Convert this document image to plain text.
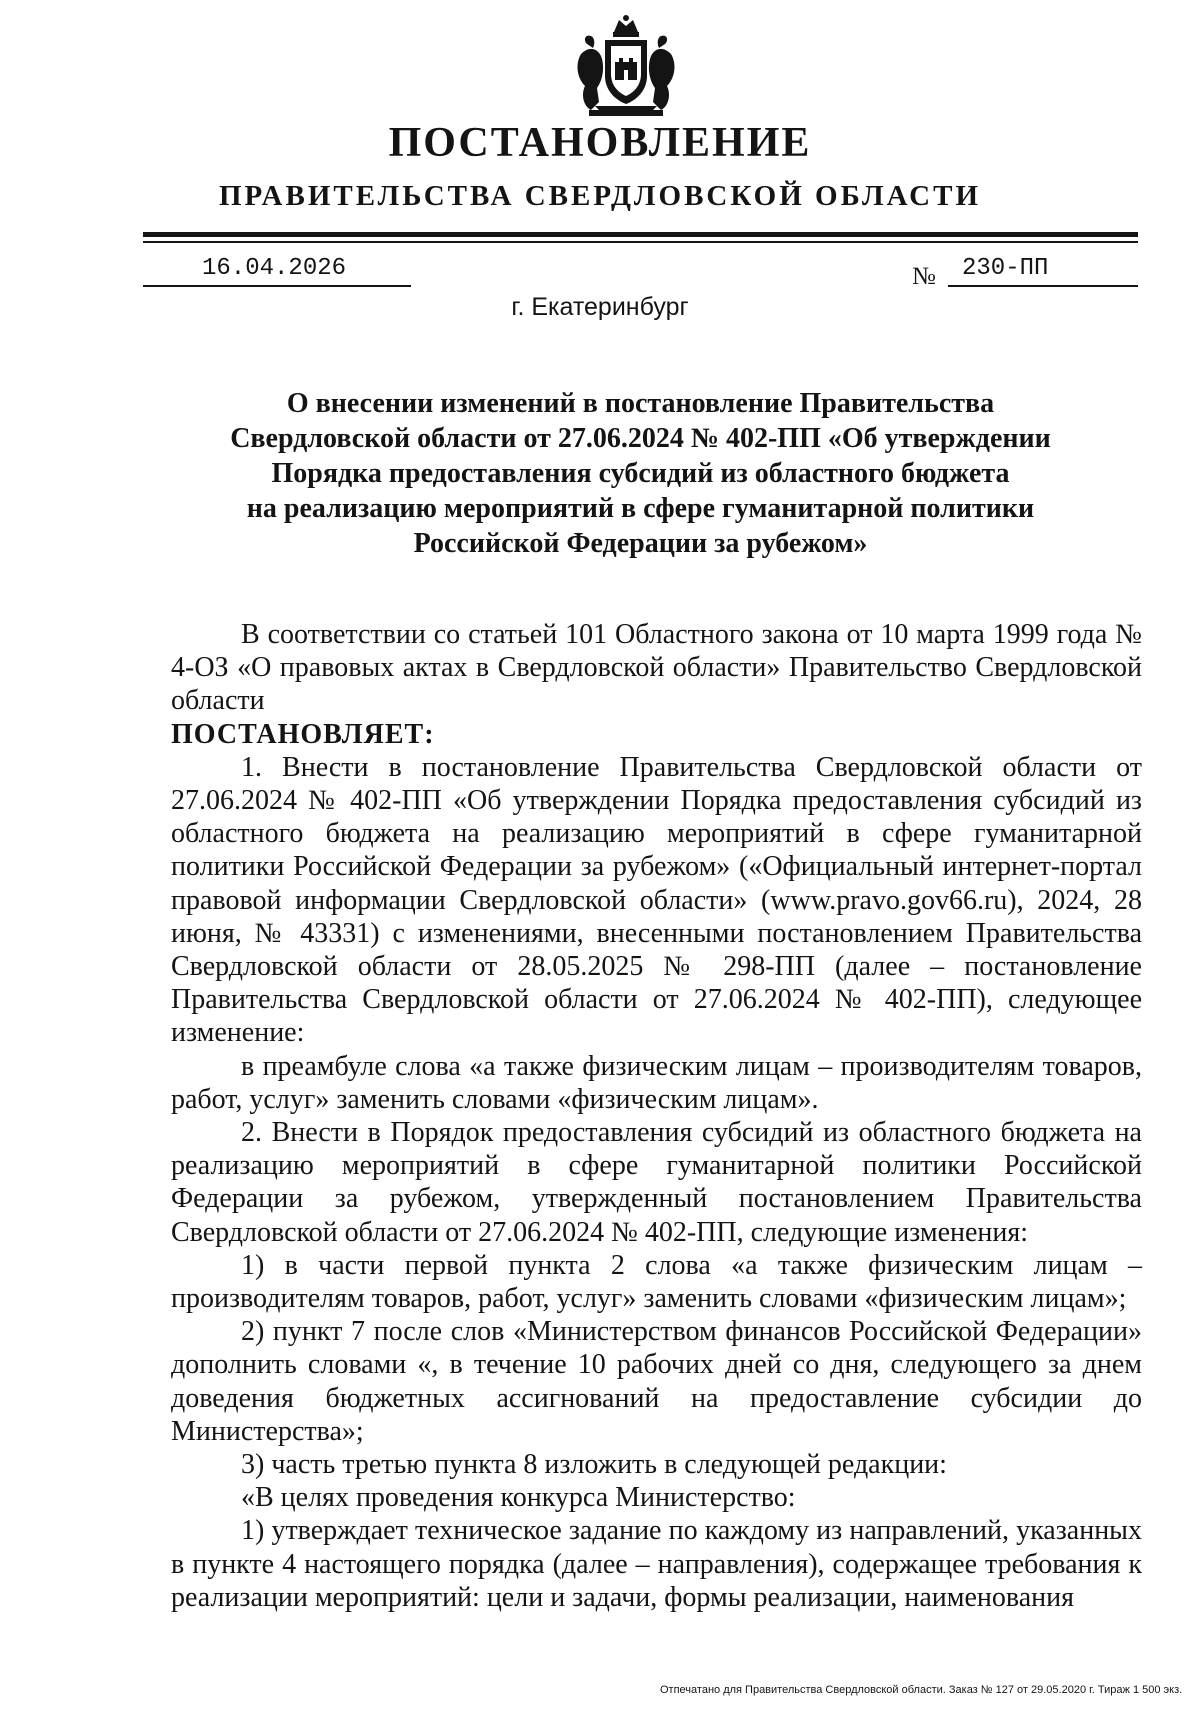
ПОСТАНОВЛЕНИЕ
ПРАВИТЕЛЬСТВА СВЕРДЛОВСКОЙ ОБЛАСТИ
16.04.2026	№ 230-ПП
г. Екатеринбург
О внесении изменений в постановление Правительства
Свердловской области от 27.06.2024 № 402-ПП «Об утверждении
Порядка предоставления субсидий из областного бюджета
на реализацию мероприятий в сфере гуманитарной политики
Российской Федерации за рубежом»

В соответствии со статьей 101 Областного закона от 10 марта 1999 года № 4-ОЗ «О правовых актах в Свердловской области» Правительство Свердловской области

ПОСТАНОВЛЯЕТ:

1. Внести в постановление Правительства Свердловской области от 27.06.2024 № 402-ПП «Об утверждении Порядка предоставления субсидий из областного бюджета на реализацию мероприятий в сфере гуманитарной политики Российской Федерации за рубежом» («Официальный интернет-портал правовой информации Свердловской области» (www.pravo.gov66.ru), 2024, 28 июня, № 43331) с изменениями, внесенными постановлением Правительства Свердловской области от 28.05.2025 № 298-ПП (далее – постановление Правительства Свердловской области от 27.06.2024 № 402-ПП), следующее изменение:

в преамбуле слова «а также физическим лицам – производителям товаров, работ, услуг» заменить словами «физическим лицам».

2. Внести в Порядок предоставления субсидий из областного бюджета на реализацию мероприятий в сфере гуманитарной политики Российской Федерации за рубежом, утвержденный постановлением Правительства Свердловской области от 27.06.2024 № 402-ПП, следующие изменения:

1) в части первой пункта 2 слова «а также физическим лицам – производителям товаров, работ, услуг» заменить словами «физическим лицам»;

2) пункт 7 после слов «Министерством финансов Российской Федерации» дополнить словами «, в течение 10 рабочих дней со дня, следующего за днем доведения бюджетных ассигнований на предоставление субсидии до Министерства»;

3) часть третью пункта 8 изложить в следующей редакции:

«В целях проведения конкурса Министерство:

1) утверждает техническое задание по каждому из направлений, указанных в пункте 4 настоящего порядка (далее – направления), содержащее требования к реализации мероприятий: цели и задачи, формы реализации, наименования

Отпечатано для Правительства Свердловской области. Заказ № 127 от 29.05.2020 г. Тираж 1 500 экз.
